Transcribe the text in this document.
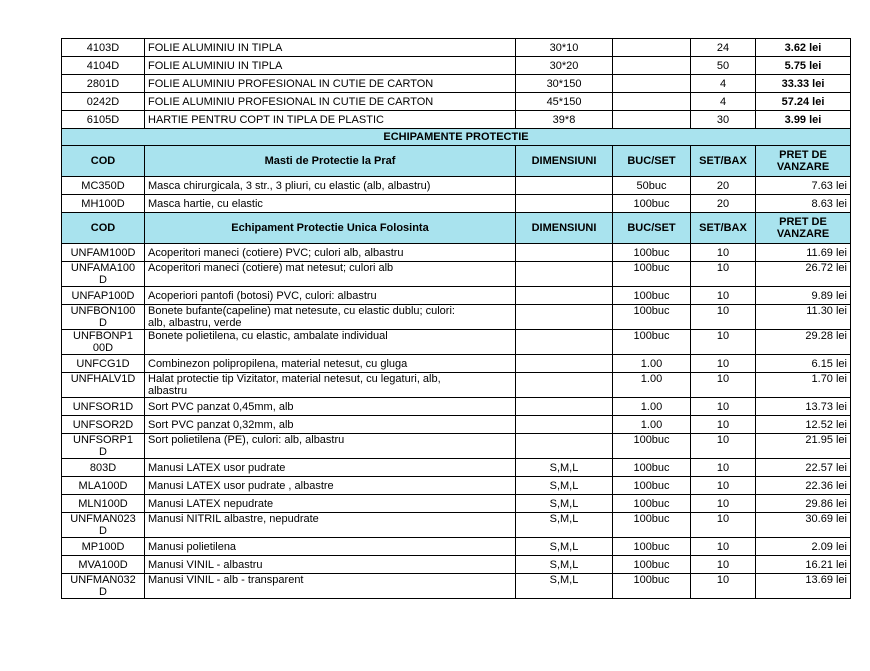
4103D	FOLIE ALUMINIU IN TIPLA	30*10		24	3.62 lei
4104D	FOLIE ALUMINIU IN TIPLA	30*20		50	5.75 lei
2801D	FOLIE ALUMINIU PROFESIONAL IN CUTIE DE CARTON	30*150		4	33.33 lei
0242D	FOLIE ALUMINIU PROFESIONAL IN CUTIE DE CARTON	45*150		4	57.24 lei
6105D	HARTIE PENTRU COPT IN TIPLA DE PLASTIC	39*8		30	3.99 lei
ECHIPAMENTE PROTECTIE					
COD	Masti de Protectie la Praf	DIMENSIUNI	BUC/SET	SET/BAX	PRET DE
VANZARE

MC350D	Masca chirurgicala, 3 str., 3 pliuri, cu elastic (alb, albastru)		50buc	20	7.63 lei
MH100D	Masca hartie, cu elastic		100buc	20	8.63 lei
COD	Echipament Protectie Unica Folosinta	DIMENSIUNI	BUC/SET	SET/BAX	PRET DE
VANZARE

UNFAM100D	Acoperitori maneci (cotiere) PVC; culori alb, albastru		100buc	10	11.69 lei

UNFAMA100
D	Acoperitori maneci (cotiere) mat netesut; culori alb		100buc	10	26.72 lei

UNFAP100D	Acoperiori pantofi (botosi) PVC, culori: albastru		100buc	10	9.89 lei

UNFBON100
D	Bonete bufante(capeline) mat netesute, cu elastic dublu; culori:
alb, albastru, verde		100buc	10	11.30 lei

UNFBONP1
00D	Bonete polietilena, cu elastic, ambalate individual		100buc	10	29.28 lei

UNFCG1D	Combinezon polipropilena, material netesut, cu gluga		1.00	10	6.15 lei

UNFHALV1D	Halat protectie tip Vizitator, material netesut, cu legaturi, alb,
albastru		1.00	10	1.70 lei

UNFSOR1D	Sort PVC panzat 0,45mm, alb		1.00	10	13.73 lei

UNFSOR2D	Sort PVC panzat 0,32mm, alb		1.00	10	12.52 lei

UNFSORP1
D	Sort polietilena (PE), culori: alb, albastru		100buc	10	21.95 lei

803D	Manusi LATEX usor pudrate	S,M,L	100buc	10	22.57 lei

MLA100D	Manusi LATEX usor pudrate , albastre	S,M,L	100buc	10	22.36 lei

MLN100D	Manusi LATEX nepudrate	S,M,L	100buc	10	29.86 lei

UNFMAN023
D	Manusi NITRIL albastre, nepudrate	S,M,L	100buc	10	30.69 lei

MP100D	Manusi polietilena	S,M,L	100buc	10	2.09 lei

MVA100D	Manusi VINIL - albastru	S,M,L	100buc	10	16.21 lei

UNFMAN032
D	Manusi VINIL - alb - transparent	S,M,L	100buc	10	13.69 lei
